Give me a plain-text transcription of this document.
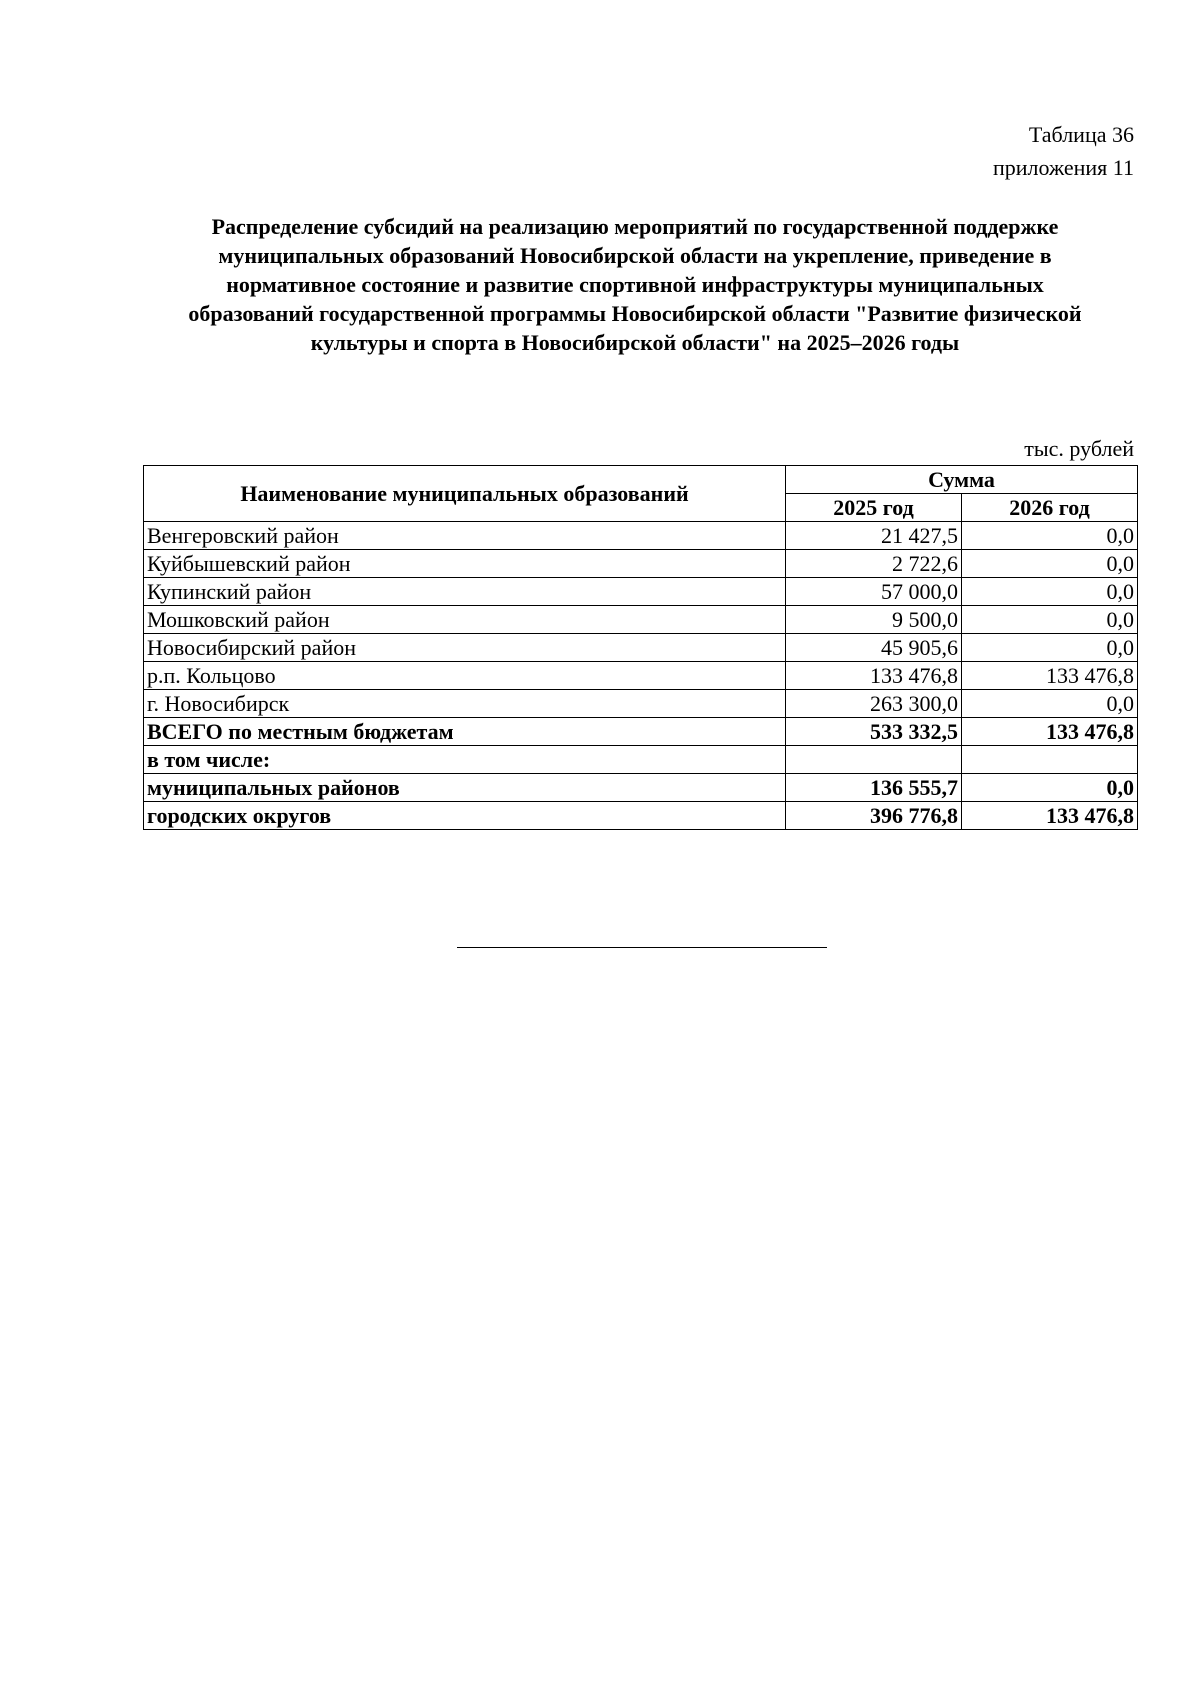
Таблица 36
приложения 11
Распределение субсидий на реализацию мероприятий по государственной поддержке
муниципальных образований Новосибирской области на укрепление, приведение в
нормативное состояние и развитие спортивной инфраструктуры муниципальных
образований государственной программы Новосибирской области "Развитие физической
культуры и спорта в Новосибирской области" на 2025–2026 годы
тыс. рублей
Наименование муниципальных образований	Сумма	
	2025 год	2026 год
Венгеровский район	21 427,5	0,0
Куйбышевский район	2 722,6	0,0
Купинский район	57 000,0	0,0
Мошковский район	9 500,0	0,0
Новосибирский район	45 905,6	0,0
р.п. Кольцово	133 476,8	133 476,8
г. Новосибирск	263 300,0	0,0
ВСЕГО по местным бюджетам	533 332,5	133 476,8
в том числе:		
муниципальных районов	136 555,7	0,0
городских округов	396 776,8	133 476,8
